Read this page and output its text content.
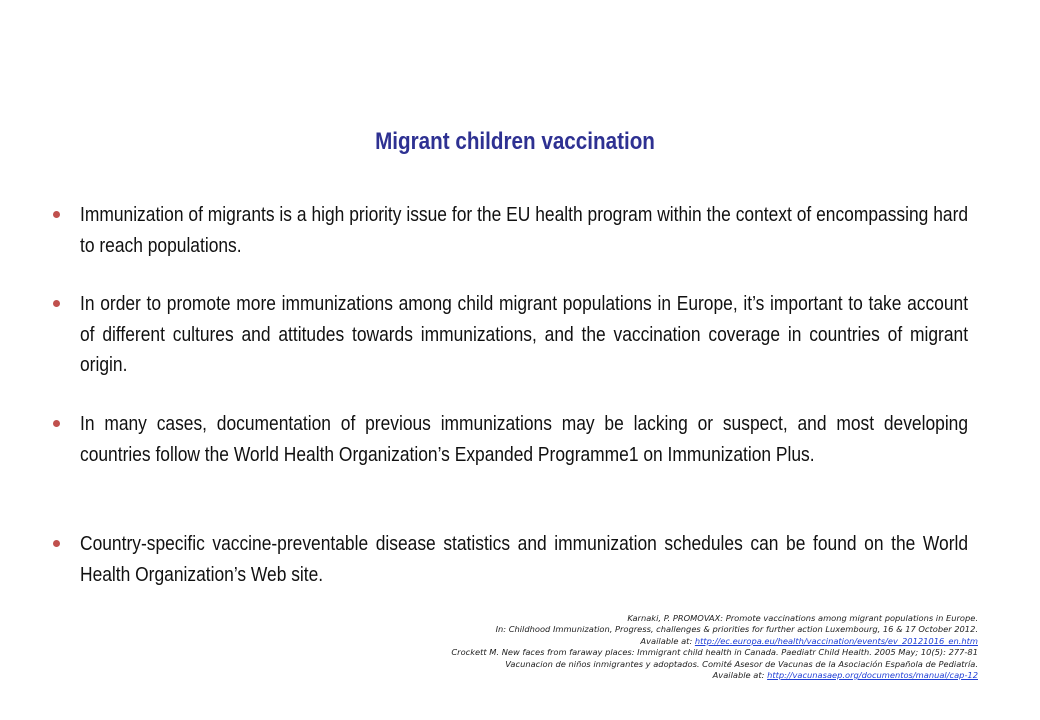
Migrant children vaccination
Immunization of migrants is a high priority issue for the EU health program within the context of encompassing hard to reach populations.
In order to promote more immunizations among child migrant populations in Europe, it’s important to take account of different cultures and attitudes towards immunizations, and the vaccination coverage in countries of migrant origin.
In many cases, documentation of previous immunizations may be lacking or suspect, and most developing countries follow the World Health Organization’s Expanded Programme1 on Immunization Plus.
Country-specific vaccine-preventable disease statistics and immunization schedules can be found on the World Health Organization’s Web site.
Karnaki, P. PROMOVAX: Promote vaccinations among migrant populations in Europe.
In: Childhood Immunization, Progress, challenges & priorities for further action Luxembourg, 16 & 17 October 2012.
Available at: http://ec.europa.eu/health/vaccination/events/ev_20121016_en.htm
Crockett M. New faces from faraway places: Immigrant child health in Canada. Paediatr Child Health. 2005 May; 10(5): 277-81
Vacunacion de niños inmigrantes y adoptados. Comité Asesor de Vacunas de la Asociación Española de Pediatría.
Available at: http://vacunasaep.org/documentos/manual/cap-12
